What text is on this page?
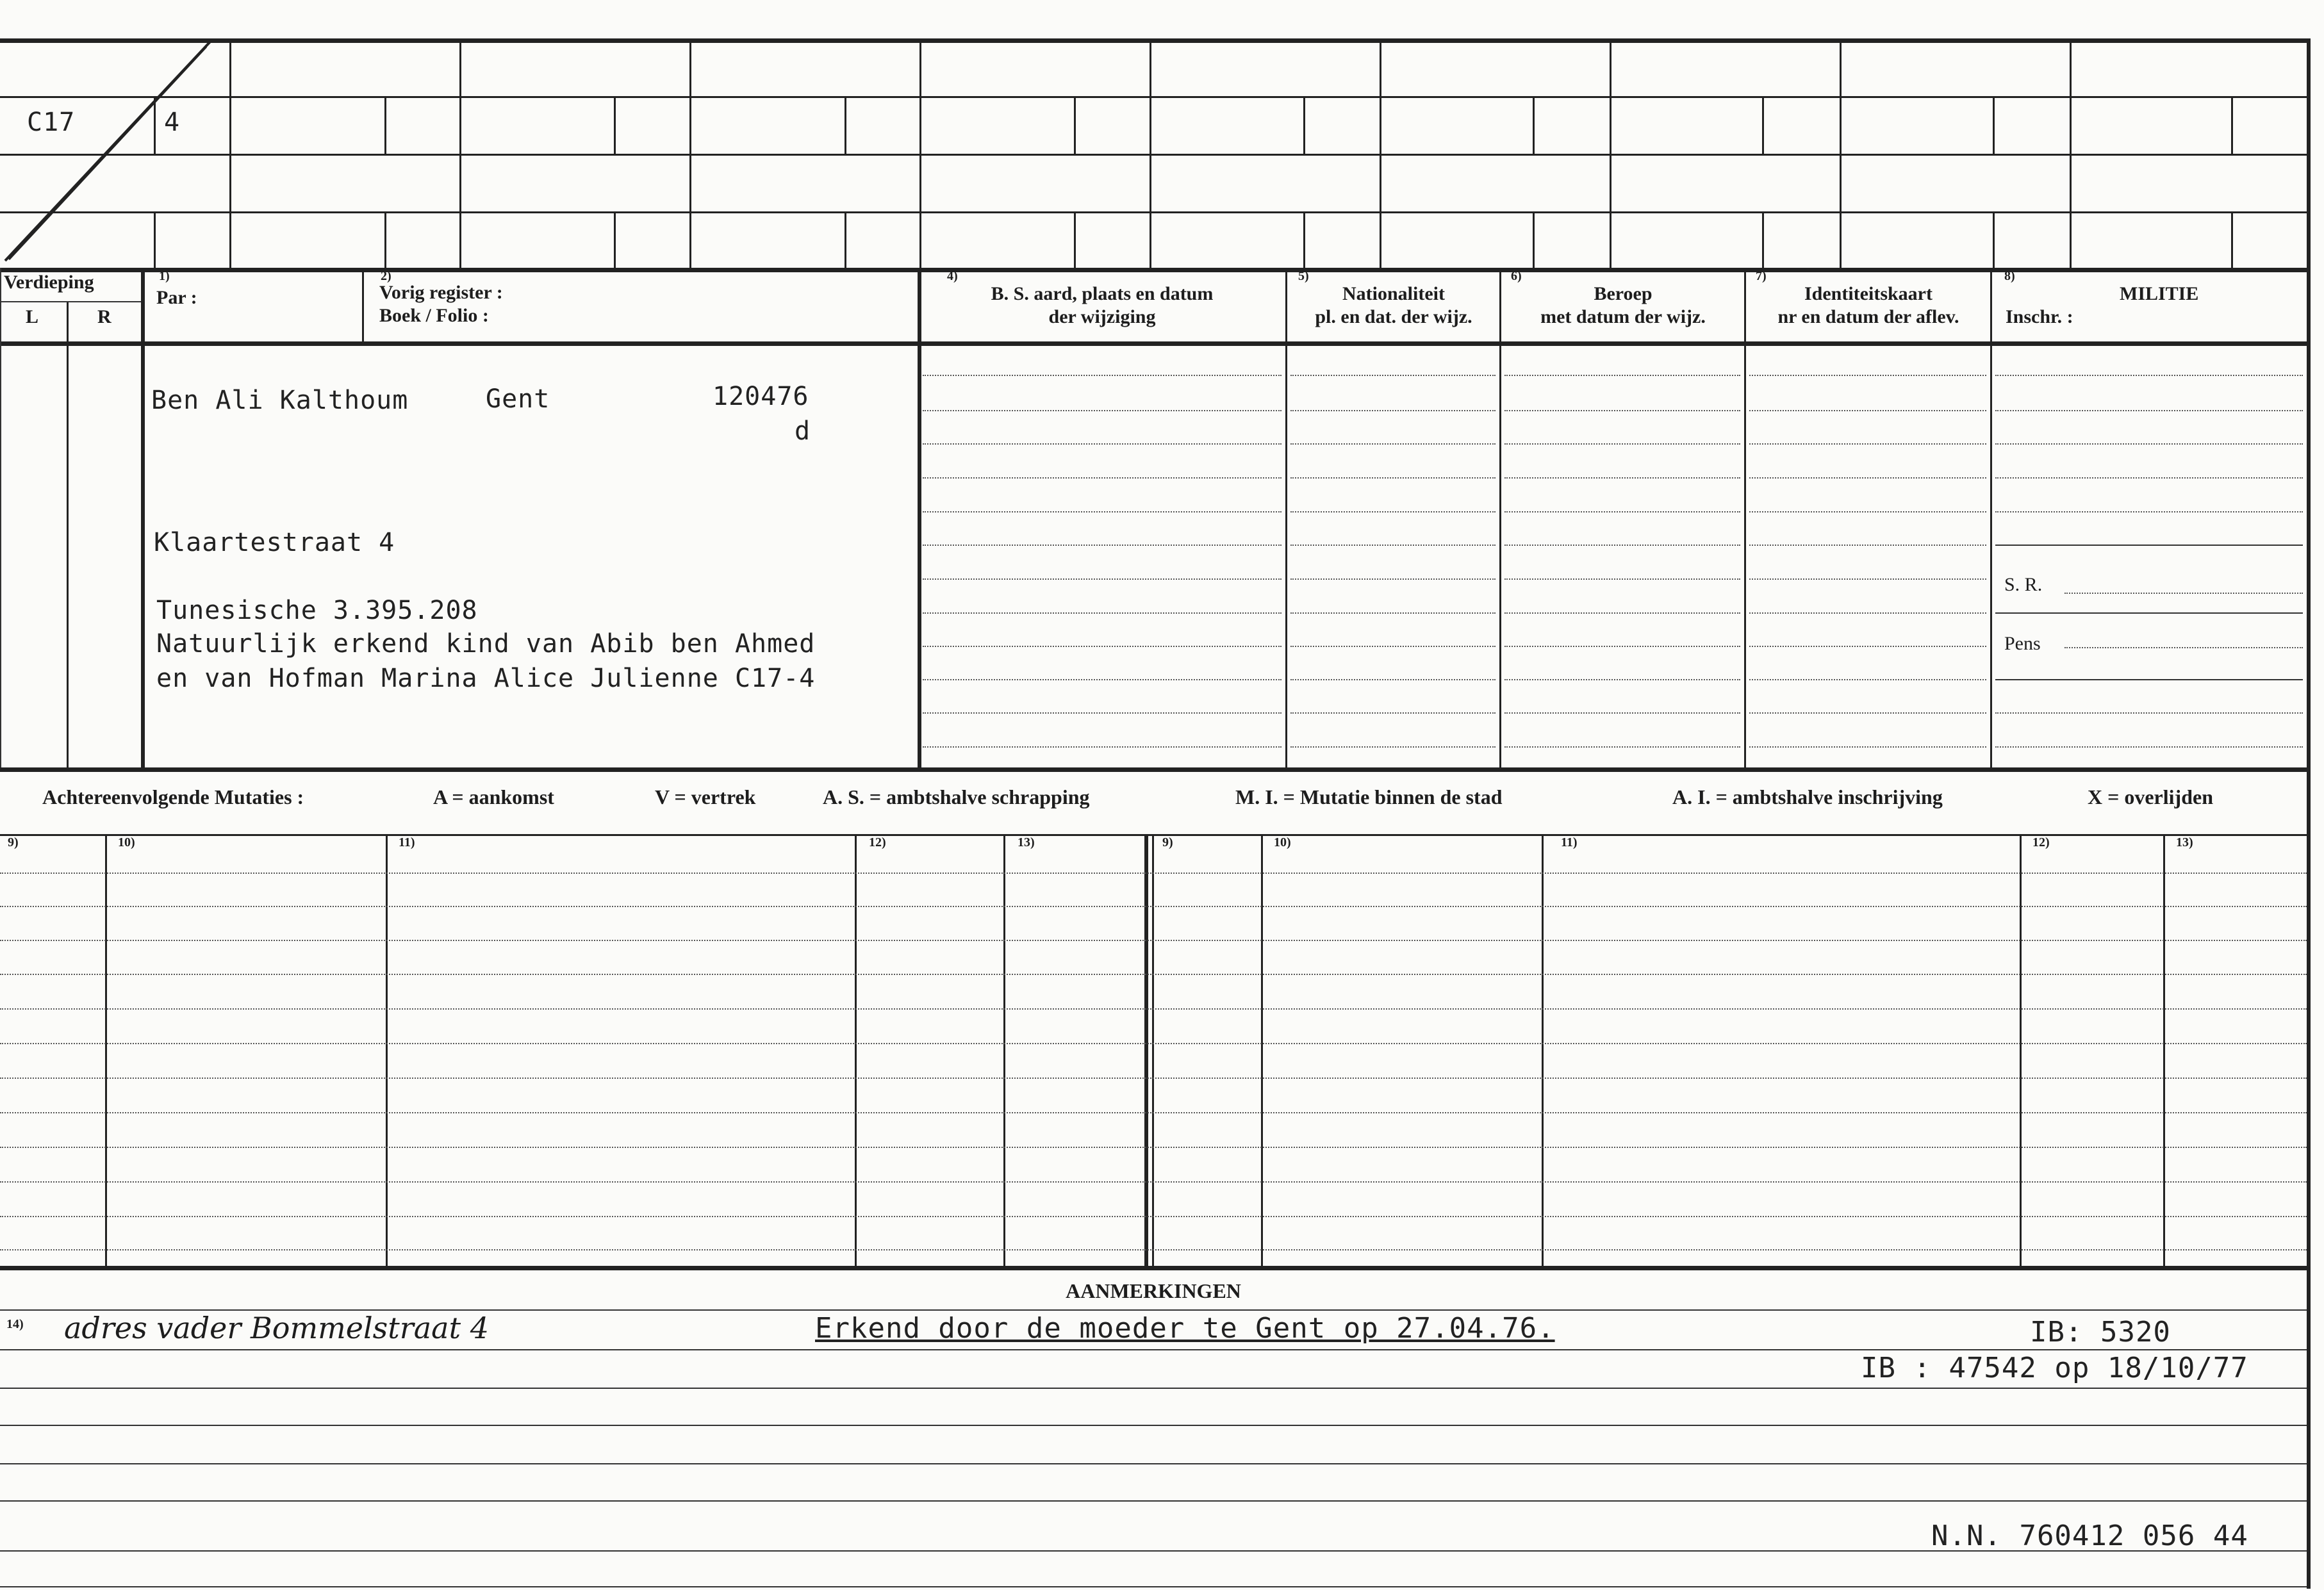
C17	4
Verdieping
L	R
1)
Par :
2)
Vorig register :
Boek / Folio :
4)
B. S. aard, plaats en datum
der wijziging
5)
Nationaliteit
pl. en dat. der wijz.
6)
Beroep
met datum der wijz.
7)
Identiteitskaart
nr en datum der aflev.
8)
MILITIE
Inschr. :
S. R.
Pens
Ben Ali Kalthoum	Gent	120476
d
Klaartestraat 4
Tunesische 3.395.208
Natuurlijk erkend kind van Abib ben Ahmed
en van Hofman Marina Alice Julienne C17-4
Achtereenvolgende Mutaties :	A = aankomst	V = vertrek	A. S. = ambtshalve schrapping	M. I. = Mutatie binnen de stad	A. I. = ambtshalve inschrijving	X = overlijden
9)	10)	11)	12)	13)	9)	10)	11)	12)	13)
AANMERKINGEN
14) adres vader Bommelstraat 4	Erkend door de moeder te Gent op 27.04.76.	IB: 5320
IB : 47542 op 18/10/77
N.N. 760412 056 44
